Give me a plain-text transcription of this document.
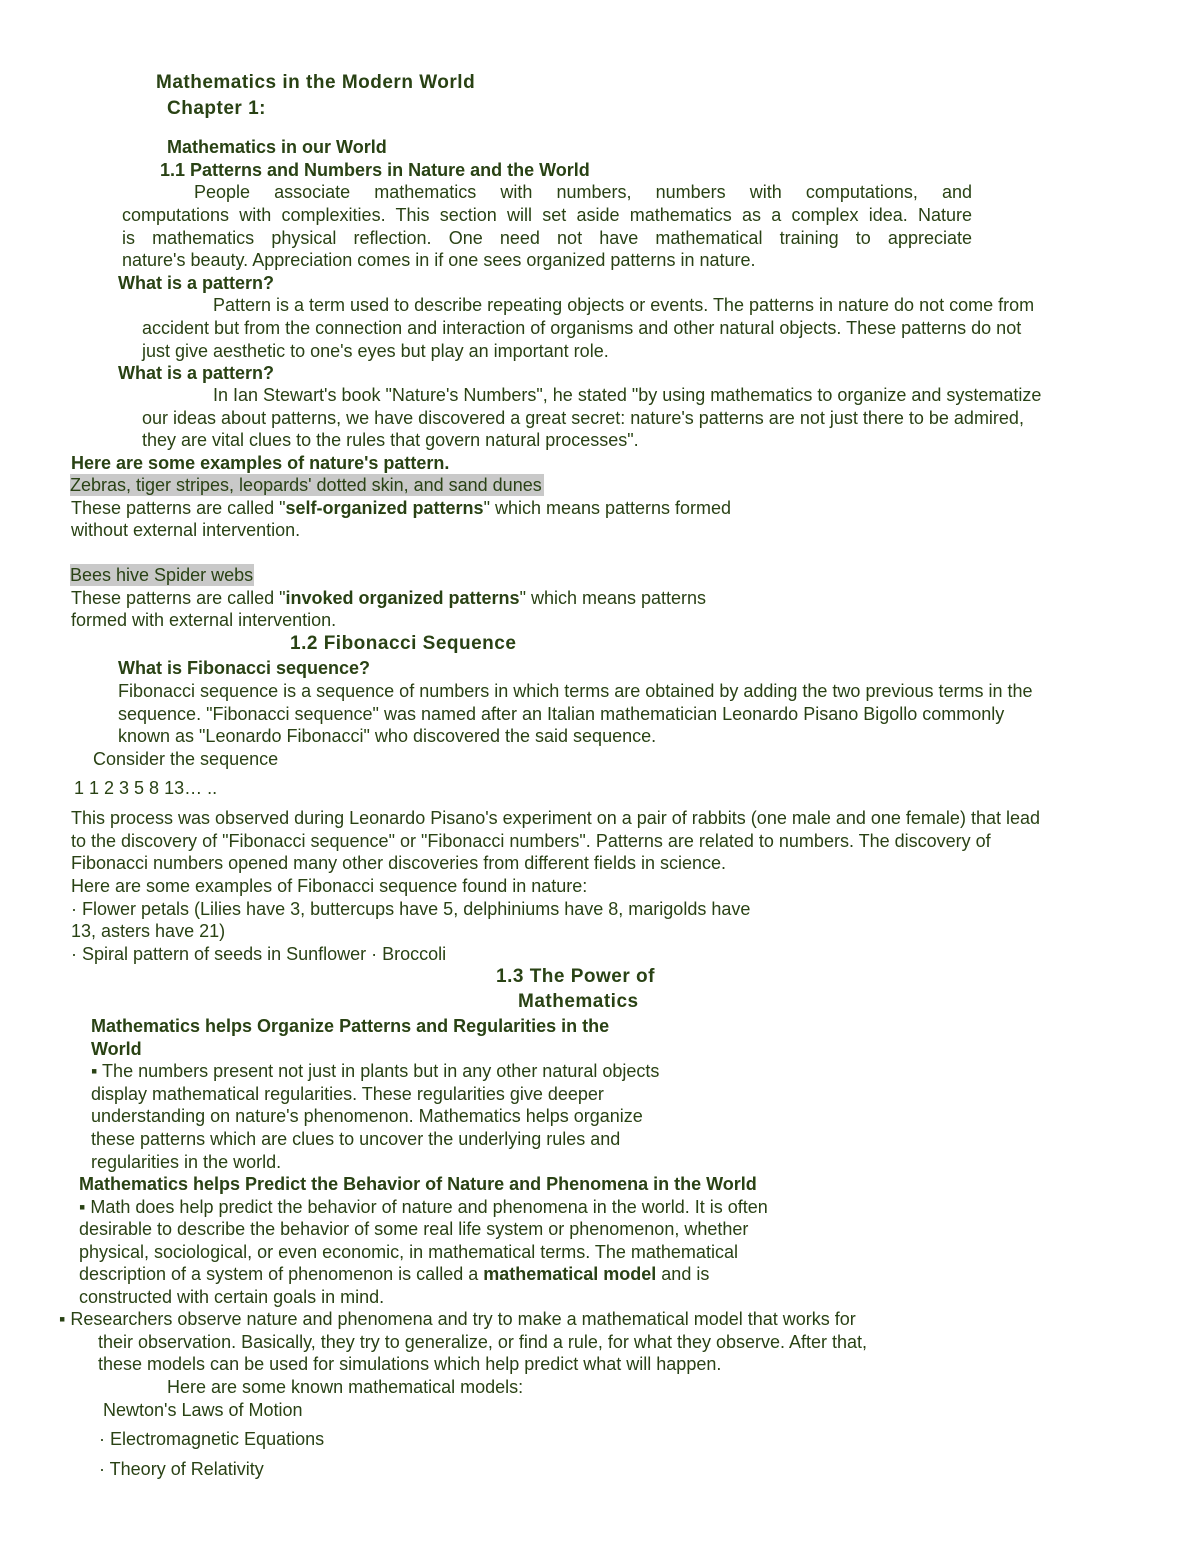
Mathematics in the Modern World
Chapter 1:
Mathematics in our World
1.1 Patterns and Numbers in Nature and the World
People associate mathematics with numbers, numbers with computations, and
computations with complexities. This section will set aside mathematics as a complex idea. Nature
is mathematics physical reflection. One need not have mathematical training to appreciate
nature's beauty. Appreciation comes in if one sees organized patterns in nature.
What is a pattern?
Pattern is a term used to describe repeating objects or events. The patterns in nature do not come from
accident but from the connection and interaction of organisms and other natural objects. These patterns do not
just give aesthetic to one's eyes but play an important role.
What is a pattern?
In Ian Stewart's book "Nature's Numbers", he stated "by using mathematics to organize and systematize
our ideas about patterns, we have discovered a great secret: nature's patterns are not just there to be admired,
they are vital clues to the rules that govern natural processes".
Here are some examples of nature's pattern.
Zebras, tiger stripes, leopards' dotted skin, and sand dunes
These patterns are called "self-organized patterns" which means patterns formed
without external intervention.
Bees hive Spider webs
These patterns are called "invoked organized patterns" which means patterns
formed with external intervention.
1.2 Fibonacci Sequence
What is Fibonacci sequence?
Fibonacci sequence is a sequence of numbers in which terms are obtained by adding the two previous terms in the
sequence. "Fibonacci sequence" was named after an Italian mathematician Leonardo Pisano Bigollo commonly
known as "Leonardo Fibonacci" who discovered the said sequence.
Consider the sequence
1 1 2 3 5 8 13… ..
This process was observed during Leonardo Pisano's experiment on a pair of rabbits (one male and one female) that lead
to the discovery of "Fibonacci sequence" or "Fibonacci numbers". Patterns are related to numbers. The discovery of
Fibonacci numbers opened many other discoveries from different fields in science.
Here are some examples of Fibonacci sequence found in nature:
· Flower petals (Lilies have 3, buttercups have 5, delphiniums have 8, marigolds have
13, asters have 21)
· Spiral pattern of seeds in Sunflower · Broccoli
1.3 The Power of
Mathematics
Mathematics helps Organize Patterns and Regularities in the
World
▪ The numbers present not just in plants but in any other natural objects
display mathematical regularities. These regularities give deeper
understanding on nature's phenomenon. Mathematics helps organize
these patterns which are clues to uncover the underlying rules and
regularities in the world.
Mathematics helps Predict the Behavior of Nature and Phenomena in the World
▪ Math does help predict the behavior of nature and phenomena in the world. It is often
desirable to describe the behavior of some real life system or phenomenon, whether
physical, sociological, or even economic, in mathematical terms. The mathematical
description of a system of phenomenon is called a mathematical model and is
constructed with certain goals in mind.
▪ Researchers observe nature and phenomena and try to make a mathematical model that works for
their observation. Basically, they try to generalize, or find a rule, for what they observe. After that,
these models can be used for simulations which help predict what will happen.
Here are some known mathematical models:
Newton's Laws of Motion
· Electromagnetic Equations
· Theory of Relativity
